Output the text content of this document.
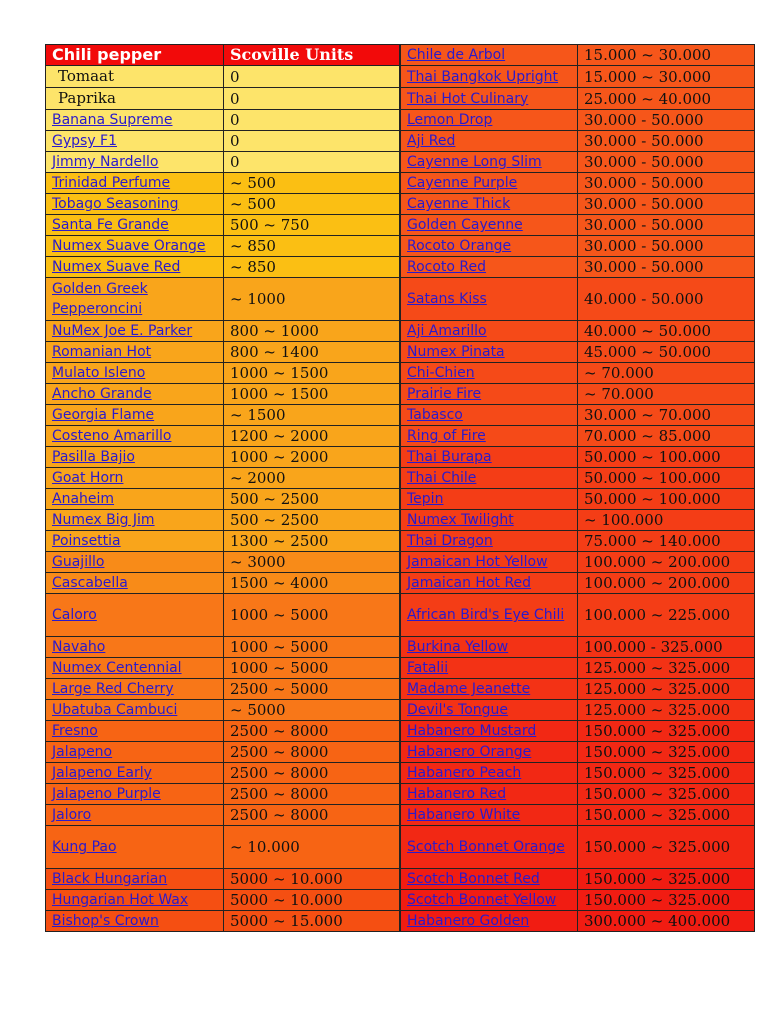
Chili pepper	Scoville Units		Chile de Arbol	15.000 ~ 30.000
Tomaat	0		Thai Bangkok Upright	15.000 ~ 30.000
Paprika	0		Thai Hot Culinary	25.000 ~ 40.000
Banana Supreme	0		Lemon Drop	30.000 - 50.000
Gypsy F1	0		Aji Red	30.000 - 50.000
Jimmy Nardello	0		Cayenne Long Slim	30.000 - 50.000
Trinidad Perfume	~ 500		Cayenne Purple	30.000 - 50.000
Tobago Seasoning	~ 500		Cayenne Thick	30.000 - 50.000
Santa Fe Grande	500 ~ 750		Golden Cayenne	30.000 - 50.000
Numex Suave Orange	~ 850		Rocoto Orange	30.000 - 50.000
Numex Suave Red	~ 850		Rocoto Red	30.000 - 50.000
Golden Greek Pepperoncini	~ 1000		Satans Kiss	40.000 - 50.000
NuMex Joe E. Parker	800 ~ 1000		Aji Amarillo	40.000 ~ 50.000
Romanian Hot	800 ~ 1400		Numex Pinata	45.000 ~ 50.000
Mulato Isleno	1000 ~ 1500		Chi-Chien	~ 70.000
Ancho Grande	1000 ~ 1500		Prairie Fire	~ 70.000
Georgia Flame	~ 1500		Tabasco	30.000 ~ 70.000
Costeno Amarillo	1200 ~ 2000		Ring of Fire	70.000 ~ 85.000
Pasilla Bajio	1000 ~ 2000		Thai Burapa	50.000 ~ 100.000
Goat Horn	~ 2000		Thai Chile	50.000 ~ 100.000
Anaheim	500 ~ 2500		Tepin	50.000 ~ 100.000
Numex Big Jim	500 ~ 2500		Numex Twilight	~ 100.000
Poinsettia	1300 ~ 2500		Thai Dragon	75.000 ~ 140.000
Guajillo	~ 3000		Jamaican Hot Yellow	100.000 ~ 200.000
Cascabella	1500 ~ 4000		Jamaican Hot Red	100.000 ~ 200.000
Caloro	1000 ~ 5000		African Bird's Eye Chili	100.000 ~ 225.000
Navaho	1000 ~ 5000		Burkina Yellow	100.000 - 325.000
Numex Centennial	1000 ~ 5000		Fatalii	125.000 ~ 325.000
Large Red Cherry	2500 ~ 5000		Madame Jeanette	125.000 ~ 325.000
Ubatuba Cambuci	~ 5000		Devil's Tongue	125.000 ~ 325.000
Fresno	2500 ~ 8000		Habanero Mustard	150.000 ~ 325.000
Jalapeno	2500 ~ 8000		Habanero Orange	150.000 ~ 325.000
Jalapeno Early	2500 ~ 8000		Habanero Peach	150.000 ~ 325.000
Jalapeno Purple	2500 ~ 8000		Habanero Red	150.000 ~ 325.000
Jaloro	2500 ~ 8000		Habanero White	150.000 ~ 325.000
Kung Pao	~ 10.000		Scotch Bonnet Orange	150.000 ~ 325.000
Black Hungarian	5000 ~ 10.000		Scotch Bonnet Red	150.000 ~ 325.000
Hungarian Hot Wax	5000 ~ 10.000		Scotch Bonnet Yellow	150.000 ~ 325.000
Bishop's Crown	5000 ~ 15.000		Habanero Golden	300.000 ~ 400.000
